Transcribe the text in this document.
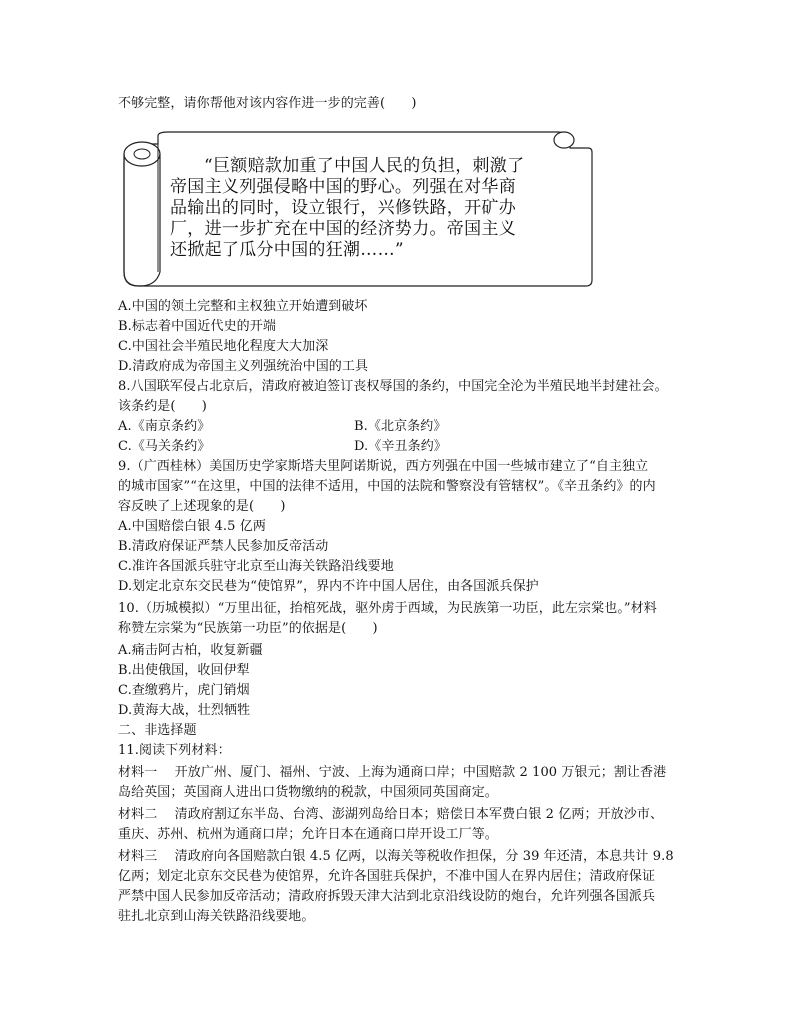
不够完整，请你帮他对该内容作进一步的完善(　　)
“巨额赔款加重了中国人民的负担，刺激了
帝国主义列强侵略中国的野心。列强在对华商
品输出的同时，设立银行，兴修铁路，开矿办
厂，进一步扩充在中国的经济势力。帝国主义
还掀起了瓜分中国的狂潮……”
A.中国的领土完整和主权独立开始遭到破坏
B.标志着中国近代史的开端
C.中国社会半殖民地化程度大大加深
D.清政府成为帝国主义列强统治中国的工具
8.八国联军侵占北京后，清政府被迫签订丧权辱国的条约，中国完全沦为半殖民地半封建社会。
该条约是(　　)
A.《南京条约》	B.《北京条约》
C.《马关条约》	D.《辛丑条约》
9.（广西桂林）美国历史学家斯塔夫里阿诺斯说，西方列强在中国一些城市建立了“自主独立
的城市国家”“在这里，中国的法律不适用，中国的法院和警察没有管辖权”。《辛丑条约》的内
容反映了上述现象的是(　　)
A.中国赔偿白银 4.5 亿两
B.清政府保证严禁人民参加反帝活动
C.准许各国派兵驻守北京至山海关铁路沿线要地
D.划定北京东交民巷为“使馆界”，界内不许中国人居住，由各国派兵保护
10.（历城模拟）“万里出征，抬棺死战，驱外虏于西域，为民族第一功臣，此左宗棠也。”材料
称赞左宗棠为“民族第一功臣”的依据是(　　)
A.痛击阿古柏，收复新疆
B.出使俄国，收回伊犁
C.查缴鸦片，虎门销烟
D.黄海大战，壮烈牺牲
二、非选择题
11.阅读下列材料：
材料一　 开放广州、厦门、福州、宁波、上海为通商口岸；中国赔款 2 100 万银元；割让香港
岛给英国；英国商人进出口货物缴纳的税款，中国须同英国商定。
材料二　 清政府割辽东半岛、台湾、澎湖列岛给日本；赔偿日本军费白银 2 亿两；开放沙市、
重庆、苏州、杭州为通商口岸；允许日本在通商口岸开设工厂等。
材料三　 清政府向各国赔款白银 4.5 亿两，以海关等税收作担保，分 39 年还清，本息共计 9.8
亿两；划定北京东交民巷为使馆界，允许各国驻兵保护，不准中国人在界内居住；清政府保证
严禁中国人民参加反帝活动；清政府拆毁天津大沽到北京沿线设防的炮台，允许列强各国派兵
驻扎北京到山海关铁路沿线要地。
